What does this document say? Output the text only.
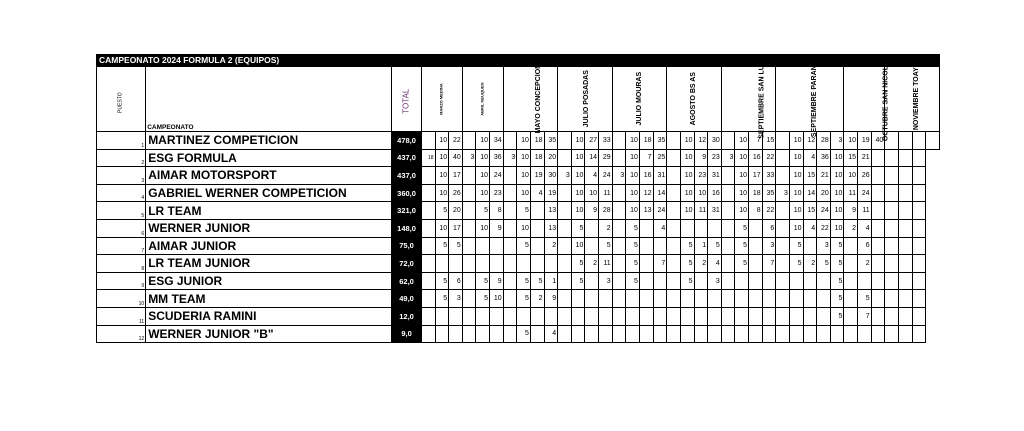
CAMPEONATO 2024 FORMULA 2 (EQUIPOS)
PUESTO	CAMPEONATO	TOTAL	MARZO MEDINA			ABRIL NEUQUEN			MAYO CONCEPCION				JULIO POSADAS				JULIO MOURAS				AGOSTO BS AS				SEPTIEMBRE SAN LUIS				SEPTIEMBRE PARANA					OCTUBRE SAN NICOLAS			NOVIEMBRE TOAY			
1	MARTINEZ COMPETICION	478,0		10	22		10	34		10	18	35		10	27	33		10	18	35		10	12	30		10	7	15		10	12	28	3	10	19	40				
2	ESG FORMULA	437,0	18	10	40	3	10	36	3	10	18	20		10	14	29		10	7	25		10	9	23	3	10	16	22		10	4	36	10	15	21					
3	AIMAR MOTORSPORT	437,0		10	17		10	24		10	19	30	3	10	4	24	3	10	16	31		10	23	31		10	17	33		10	15	21	10	10	26					
4	GABRIEL WERNER COMPETICION	360,0		10	26		10	23		10	4	19		10	10	11		10	12	14		10	10	16		10	18	35	3	10	14	20	10	11	24					
5	LR TEAM	321,0		5	20		5	8		5		13		10	9	28		10	13	24		10	11	31		10	8	22		10	15	24	10	9	11					
6	WERNER JUNIOR	148,0		10	17		10	9		10		13		5		2		5		4						5		6		10	4	22	10	2	4					
7	AIMAR JUNIOR	75,0		5	5					5		2		10		5		5				5	1	5		5		3		5		3	5		6					
8	LR TEAM JUNIOR	72,0												5	2	11		5		7		5	2	4		5		7		5	2	5	5		2					
9	ESG JUNIOR	62,0		5	6		5	9		5	5	1		5		3		5				5		3									5							
10	MM TEAM	49,0		5	3		5	10		5	2	9																					5		5					
11	SCUDERIA RAMINI	12,0																															5		7					
12	WERNER JUNIOR "B"	9,0								5		4																												
